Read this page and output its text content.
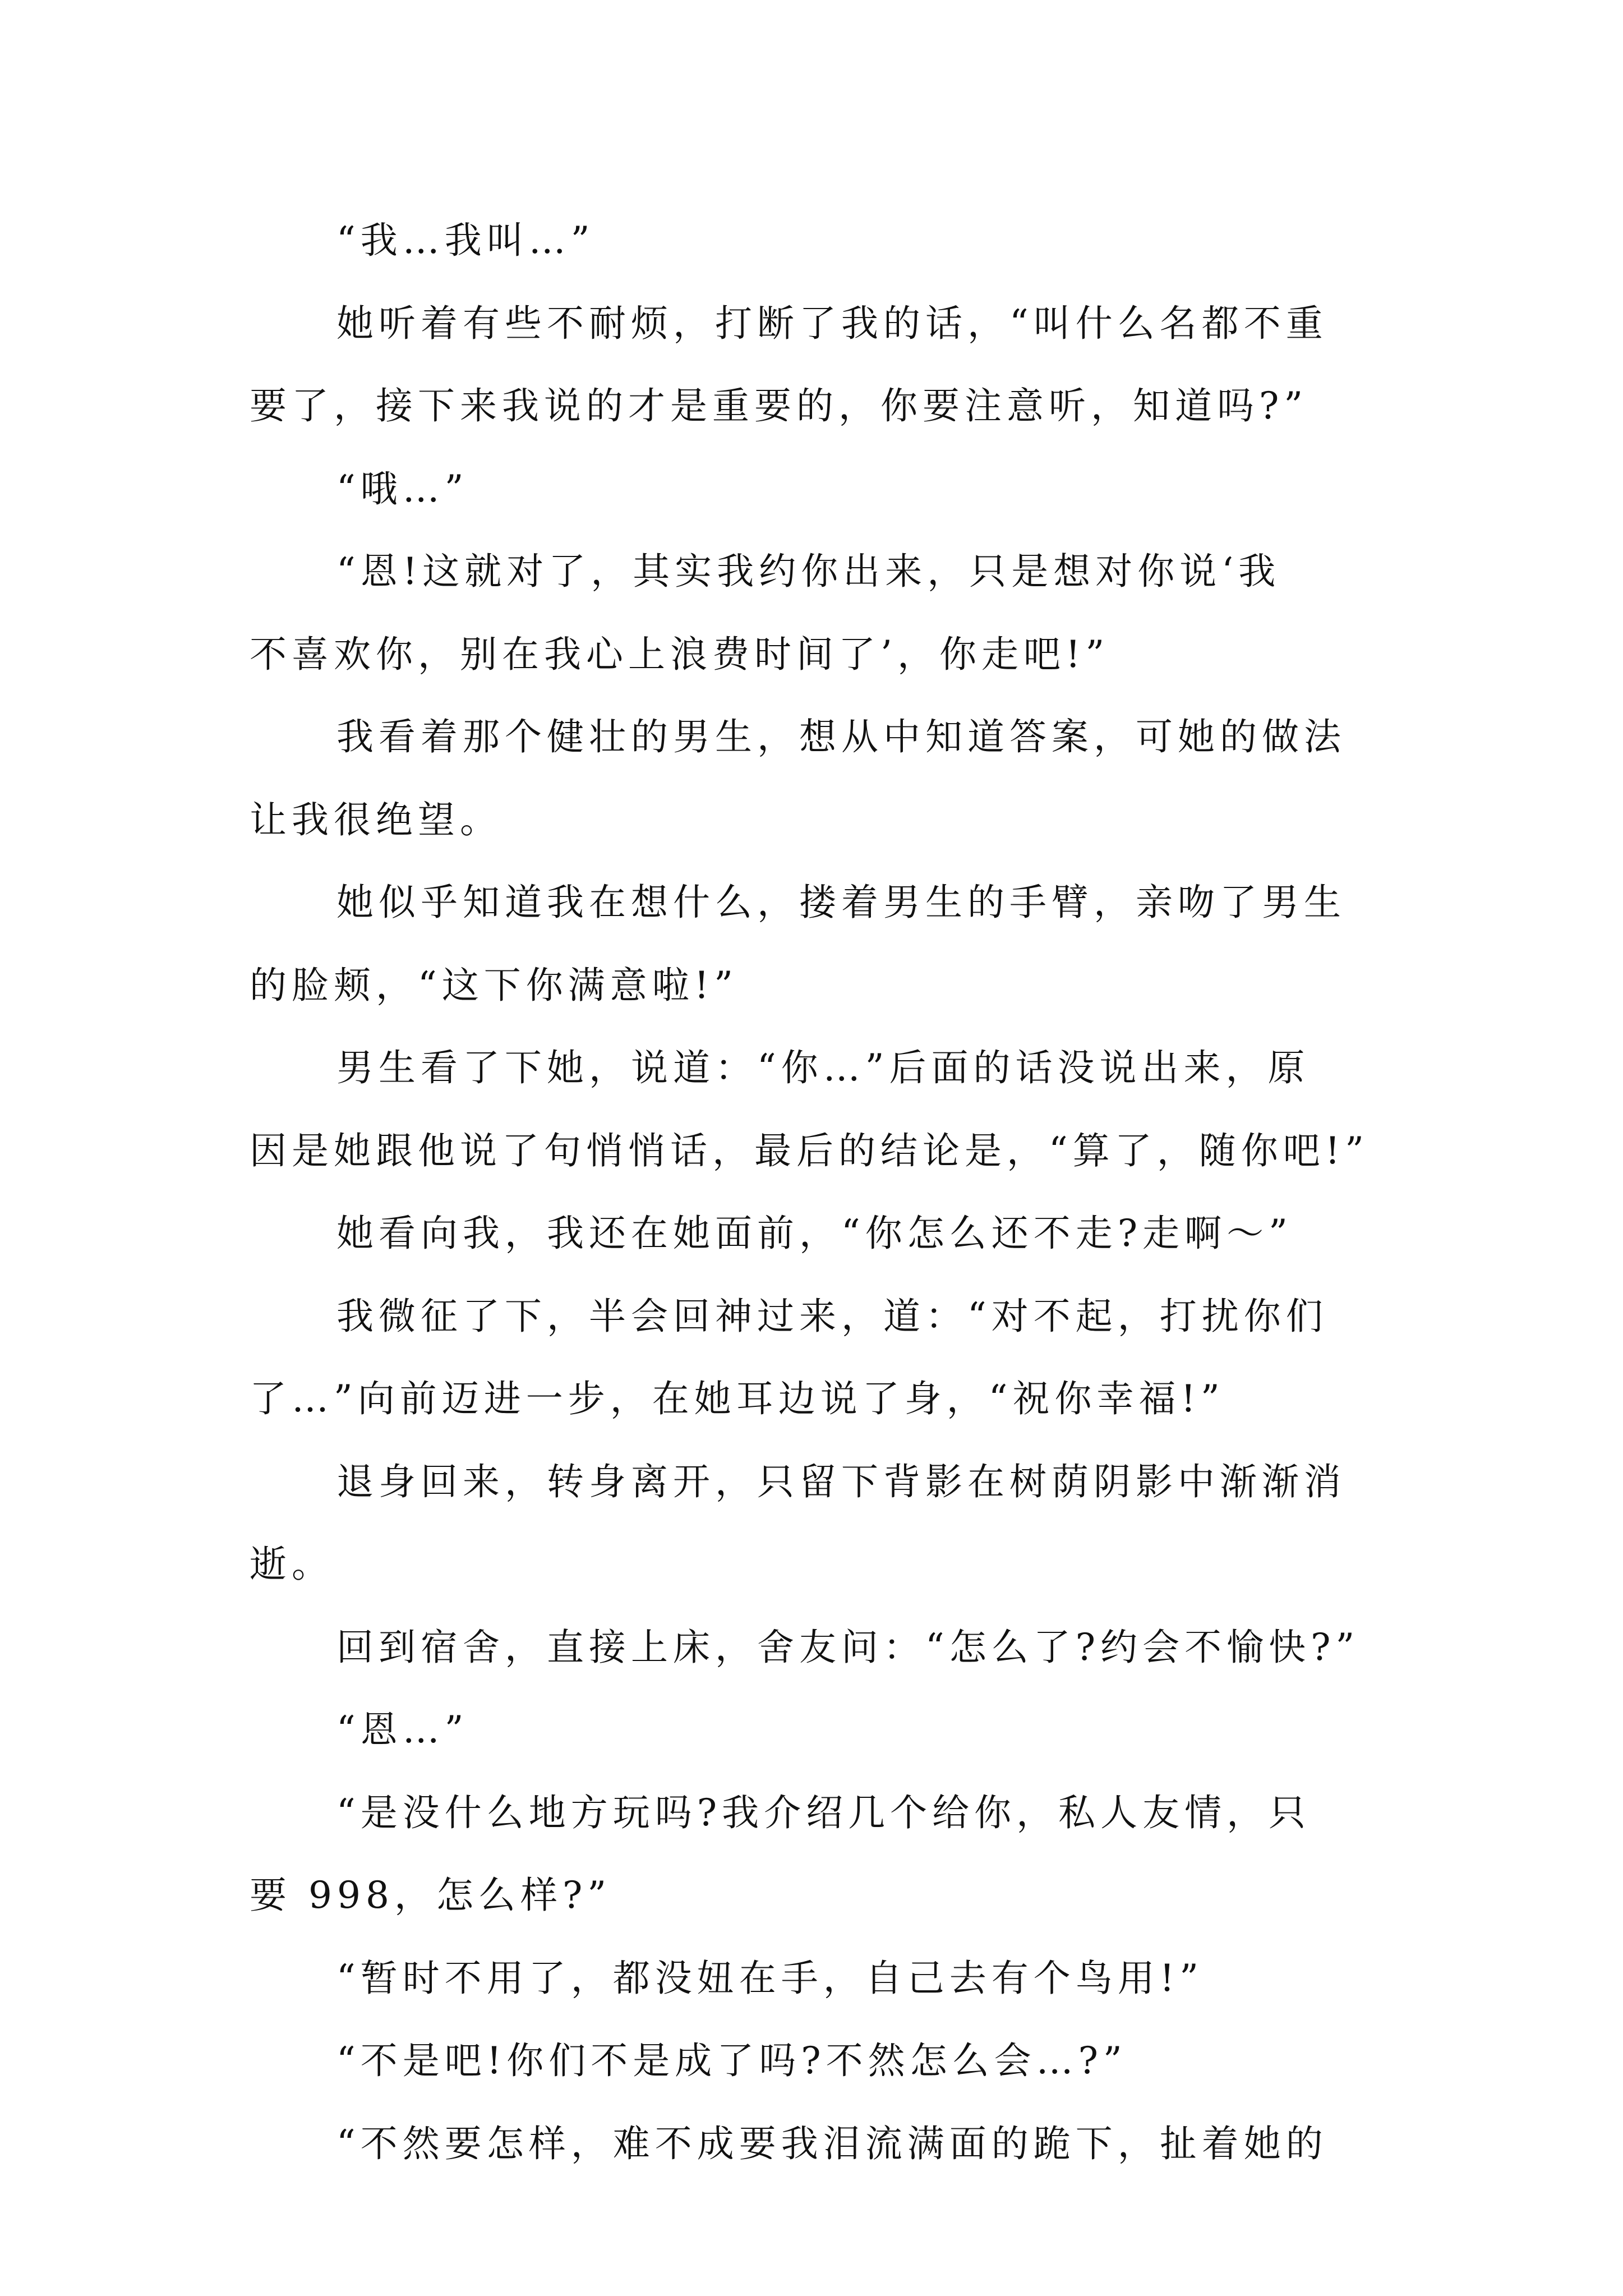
“我…我叫…”
她听着有些不耐烦，打断了我的话，“叫什么名都不重
要了，接下来我说的才是重要的，你要注意听，知道吗?”
“哦…”
“恩!这就对了，其实我约你出来，只是想对你说‘我
不喜欢你，别在我心上浪费时间了’，你走吧!”
我看着那个健壮的男生，想从中知道答案，可她的做法
让我很绝望。
她似乎知道我在想什么，搂着男生的手臂，亲吻了男生
的脸颊，“这下你满意啦!”
男生看了下她，说道：“你…”后面的话没说出来，原
因是她跟他说了句悄悄话，最后的结论是，“算了，随你吧!”
她看向我，我还在她面前，“你怎么还不走?走啊～”
我微征了下，半会回神过来，道：“对不起，打扰你们
了…”向前迈进一步，在她耳边说了身，“祝你幸福!”
退身回来，转身离开，只留下背影在树荫阴影中渐渐消
逝。
回到宿舍，直接上床，舍友问：“怎么了?约会不愉快?”
“恩…”
“是没什么地方玩吗?我介绍几个给你，私人友情，只
要 998，怎么样?”
“暂时不用了，都没妞在手，自己去有个鸟用!”
“不是吧!你们不是成了吗?不然怎么会…?”
“不然要怎样，难不成要我泪流满面的跪下，扯着她的
